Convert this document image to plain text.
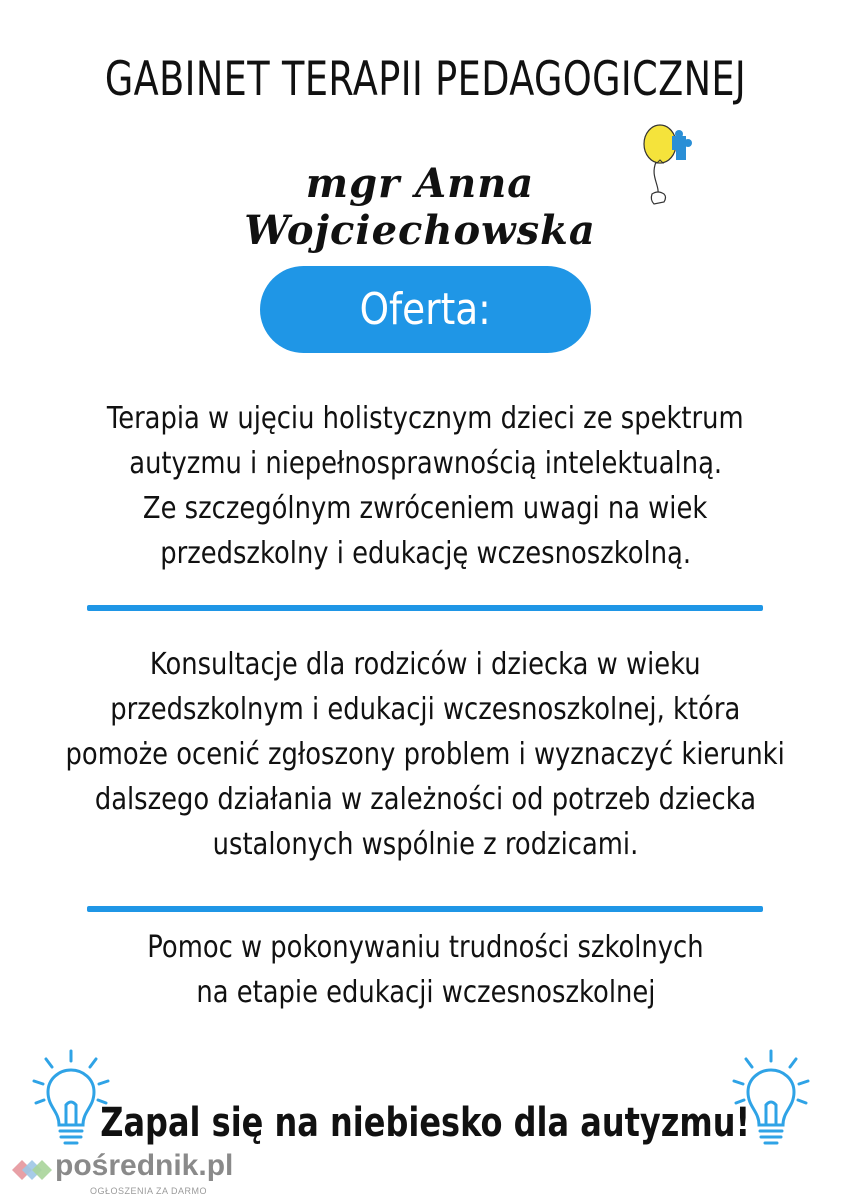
GABINET TERAPII PEDAGOGICZNEJ
mgr Anna Wojciechowska
Oferta:
Terapia w ujęciu holistycznym dzieci ze spektrum
autyzmu i niepełnosprawnością intelektualną.
Ze szczególnym zwróceniem uwagi na wiek
przedszkolny i edukację wczesnoszkolną.
Konsultacje dla rodziców i dziecka w wieku
przedszkolnym i edukacji wczesnoszkolnej, która
pomoże ocenić zgłoszony problem i wyznaczyć kierunki
dalszego działania w zależności od potrzeb dziecka
ustalonych wspólnie z rodzicami.
Pomoc w pokonywaniu trudności szkolnych
na etapie edukacji wczesnoszkolnej
Zapal się na niebiesko dla autyzmu!
pośrednik.pl
OGŁOSZENIA ZA DARMO
